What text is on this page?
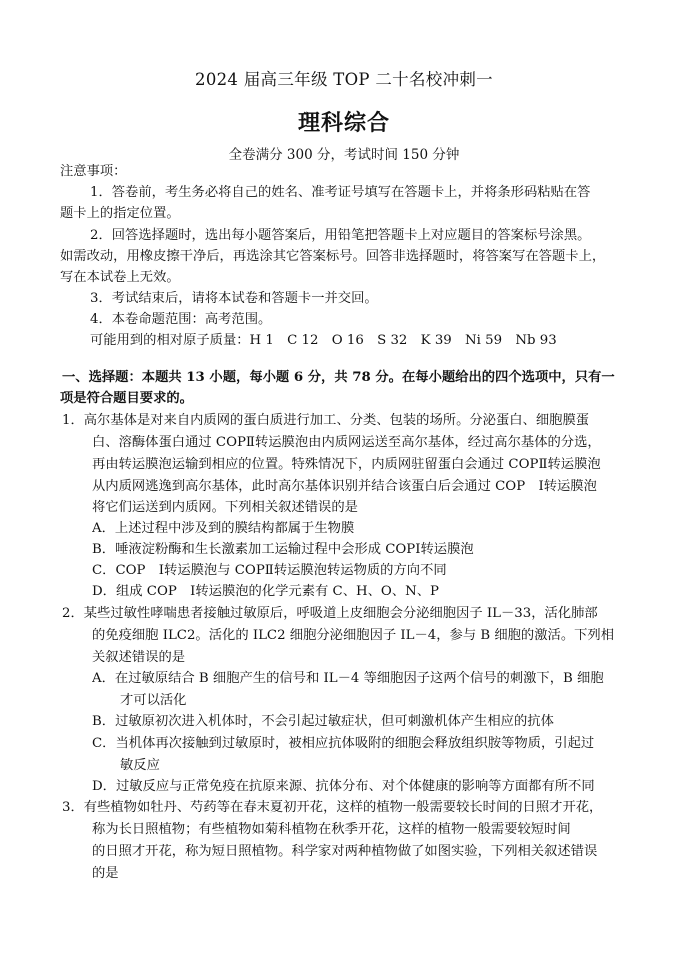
2024 届高三年级 TOP 二十名校冲刺一
理科综合
全卷满分 300 分，考试时间 150 分钟
注意事项：
1．答卷前，考生务必将自己的姓名、准考证号填写在答题卡上，并将条形码粘贴在答
题卡上的指定位置。
2．回答选择题时，选出每小题答案后，用铅笔把答题卡上对应题目的答案标号涂黑。
如需改动，用橡皮擦干净后，再选涂其它答案标号。回答非选择题时，将答案写在答题卡上，
写在本试卷上无效。
3．考试结束后，请将本试卷和答题卡一并交回。
4．本卷命题范围：高考范围。
可能用到的相对原子质量：H 1　C 12　O 16　S 32　K 39　Ni 59　Nb 93
一、选择题：本题共 13 小题，每小题 6 分，共 78 分。在每小题给出的四个选项中，只有一
项是符合题目要求的。
1．高尔基体是对来自内质网的蛋白质进行加工、分类、包装的场所。分泌蛋白、细胞膜蛋
白、溶酶体蛋白通过 COPⅡ转运膜泡由内质网运送至高尔基体，经过高尔基体的分选，
再由转运膜泡运输到相应的位置。特殊情况下，内质网驻留蛋白会通过 COPⅡ转运膜泡
从内质网逃逸到高尔基体，此时高尔基体识别并结合该蛋白后会通过 COP　Ⅰ转运膜泡
将它们运送到内质网。下列相关叙述错误的是
A．上述过程中涉及到的膜结构都属于生物膜
B．唾液淀粉酶和生长激素加工运输过程中会形成 COPⅠ转运膜泡
C．COP　Ⅰ转运膜泡与 COPⅡ转运膜泡转运物质的方向不同
D．组成 COP　Ⅰ转运膜泡的化学元素有 C、H、O、N、P
2．某些过敏性哮喘患者接触过敏原后，呼吸道上皮细胞会分泌细胞因子 IL－33，活化肺部
的免疫细胞 ILC2。活化的 ILC2 细胞分泌细胞因子 IL－4，参与 B 细胞的激活。下列相
关叙述错误的是
A．在过敏原结合 B 细胞产生的信号和 IL－4 等细胞因子这两个信号的刺激下，B 细胞
才可以活化
B．过敏原初次进入机体时，不会引起过敏症状，但可刺激机体产生相应的抗体
C．当机体再次接触到过敏原时，被相应抗体吸附的细胞会释放组织胺等物质，引起过
敏反应
D．过敏反应与正常免疫在抗原来源、抗体分布、对个体健康的影响等方面都有所不同
3．有些植物如牡丹、芍药等在春末夏初开花，这样的植物一般需要较长时间的日照才开花，
称为长日照植物；有些植物如菊科植物在秋季开花，这样的植物一般需要较短时间
的日照才开花，称为短日照植物。科学家对两种植物做了如图实验，下列相关叙述错误
的是
